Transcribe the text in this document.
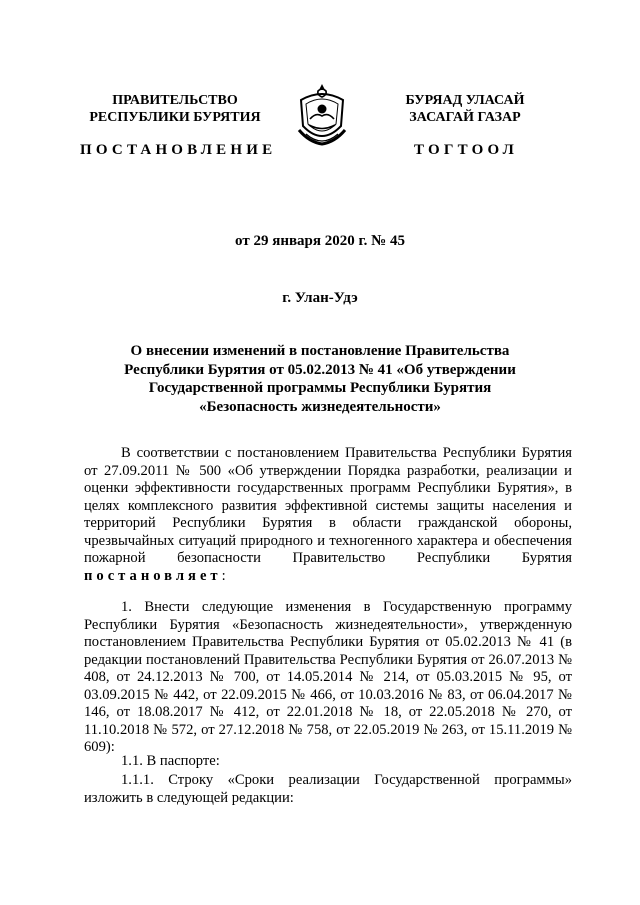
ПРАВИТЕЛЬСТВО
РЕСПУБЛИКИ БУРЯТИЯ
ПОСТАНОВЛЕНИЕ
БУРЯАД УЛАСАЙ
ЗАСАГАЙ ГАЗАР
ТОГТООЛ
от 29 января 2020 г. № 45
г. Улан-Удэ
О внесении изменений в постановление Правительства
Республики Бурятия от 05.02.2013 № 41 «Об утверждении
Государственной программы Республики Бурятия
«Безопасность жизнедеятельности»
В соответствии с постановлением Правительства Республики Бурятия от 27.09.2011 № 500 «Об утверждении Порядка разработки, реализации и оценки эффективности государственных программ Республики Бурятия», в целях комплексного развития эффективной системы защиты населения и территорий Республики Бурятия в области гражданской обороны, чрезвычайных ситуаций природного и техногенного характера и обеспечения пожарной безопасности Правительство Республики Бурятия постановляет:
1. Внести следующие изменения в Государственную программу Республики Бурятия «Безопасность жизнедеятельности», утвержденную постановлением Правительства Республики Бурятия от 05.02.2013 № 41 (в редакции постановлений Правительства Республики Бурятия от 26.07.2013 № 408, от 24.12.2013 № 700, от 14.05.2014 № 214, от 05.03.2015 № 95, от 03.09.2015 № 442, от 22.09.2015 № 466, от 10.03.2016 № 83, от 06.04.2017 № 146, от 18.08.2017 № 412, от 22.01.2018 № 18, от 22.05.2018 № 270, от 11.10.2018 № 572, от 27.12.2018 № 758, от 22.05.2019 № 263, от 15.11.2019 № 609):
1.1. В паспорте:
1.1.1. Строку «Сроки реализации Государственной программы» изложить в следующей редакции:
